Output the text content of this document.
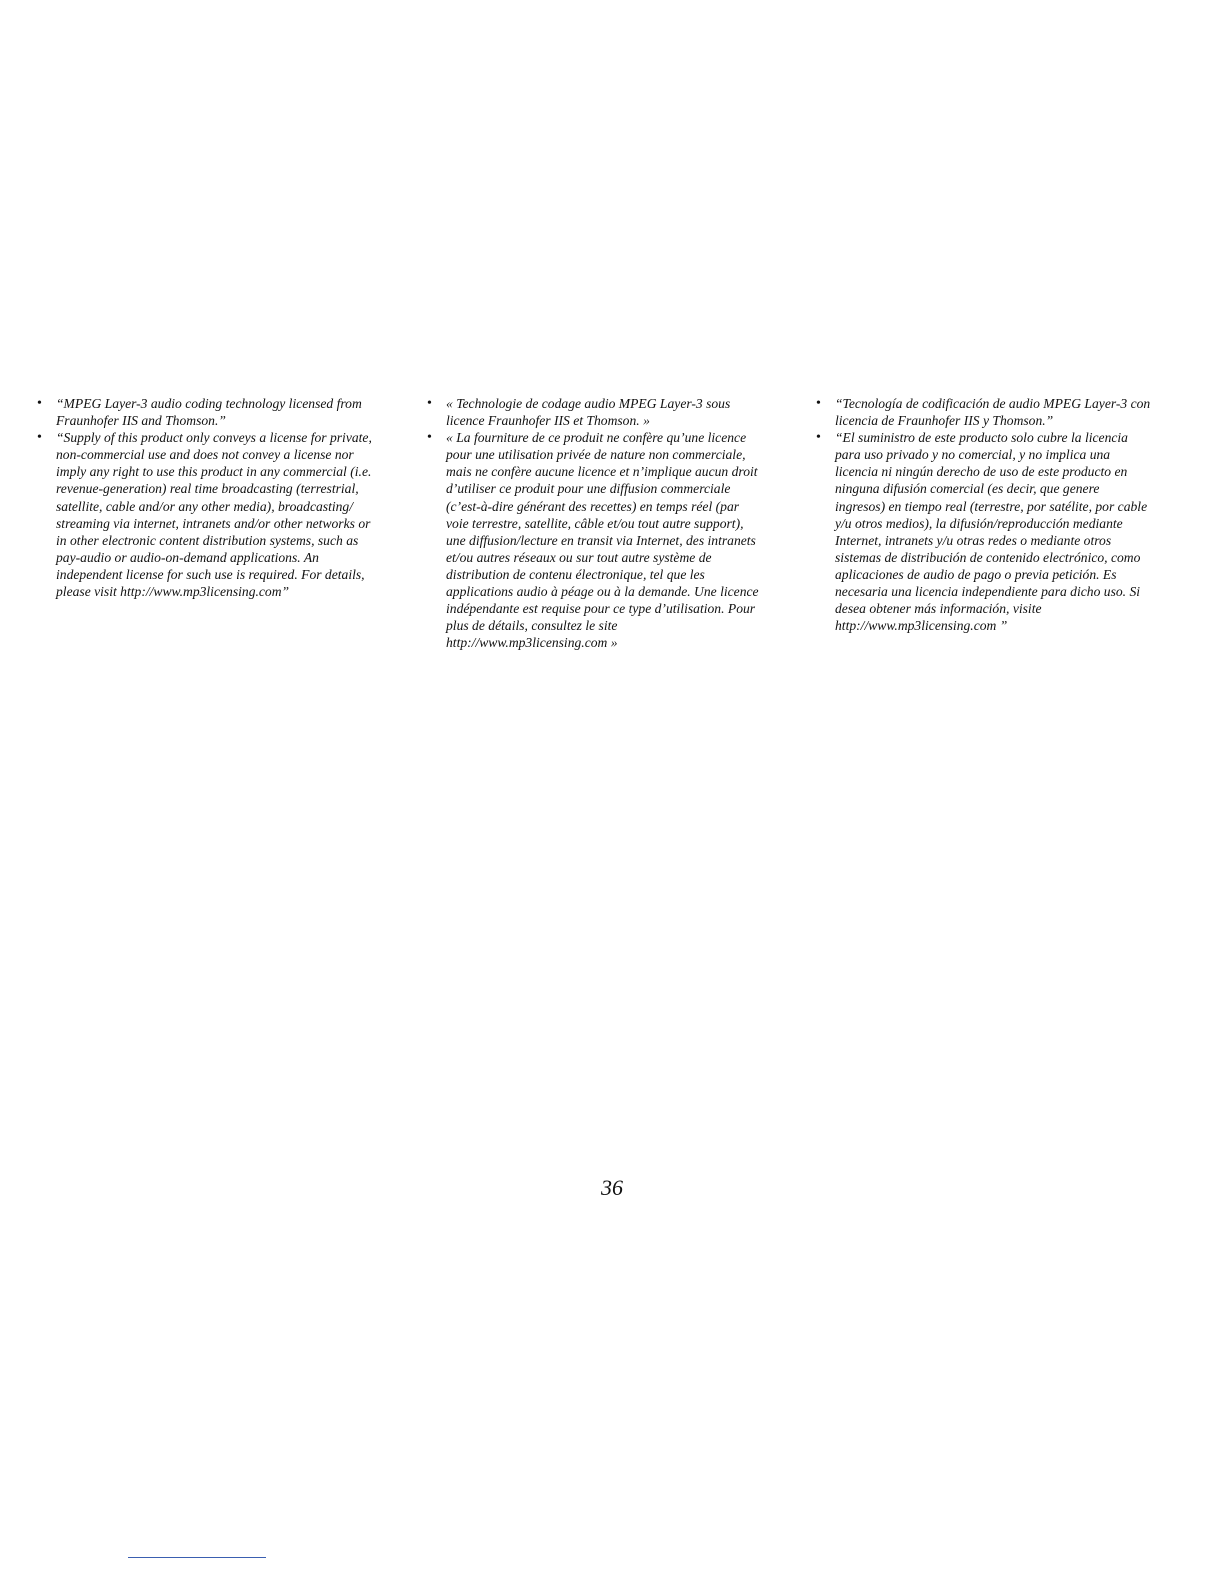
• “MPEG Layer-3 audio coding technology licensed from
Fraunhofer IIS and Thomson.”
• “Supply of this product only conveys a license for private,
non-commercial use and does not convey a license nor
imply any right to use this product in any commercial (i.e.
revenue-generation) real time broadcasting (terrestrial,
satellite, cable and/or any other media), broadcasting/
streaming via internet, intranets and/or other networks or
in other electronic content distribution systems, such as
pay-audio or audio-on-demand applications. An
independent license for such use is required. For details,
please visit http://www.mp3licensing.com”
• « Technologie de codage audio MPEG Layer-3 sous
licence Fraunhofer IIS et Thomson. »
• « La fourniture de ce produit ne confère qu’une licence
pour une utilisation privée de nature non commerciale,
mais ne confère aucune licence et n’implique aucun droit
d’utiliser ce produit pour une diffusion commerciale
(c’est-à-dire générant des recettes) en temps réel (par
voie terrestre, satellite, câble et/ou tout autre support),
une diffusion/lecture en transit via Internet, des intranets
et/ou autres réseaux ou sur tout autre système de
distribution de contenu électronique, tel que les
applications audio à péage ou à la demande. Une licence
indépendante est requise pour ce type d’utilisation. Pour
plus de détails, consultez le site
http://www.mp3licensing.com »
• “Tecnología de codificación de audio MPEG Layer-3 con
licencia de Fraunhofer IIS y Thomson.”
• “El suministro de este producto solo cubre la licencia
para uso privado y no comercial, y no implica una
licencia ni ningún derecho de uso de este producto en
ninguna difusión comercial (es decir, que genere
ingresos) en tiempo real (terrestre, por satélite, por cable
y/u otros medios), la difusión/reproducción mediante
Internet, intranets y/u otras redes o mediante otros
sistemas de distribución de contenido electrónico, como
aplicaciones de audio de pago o previa petición. Es
necesaria una licencia independiente para dicho uso. Si
desea obtener más información, visite
http://www.mp3licensing.com ”
36
